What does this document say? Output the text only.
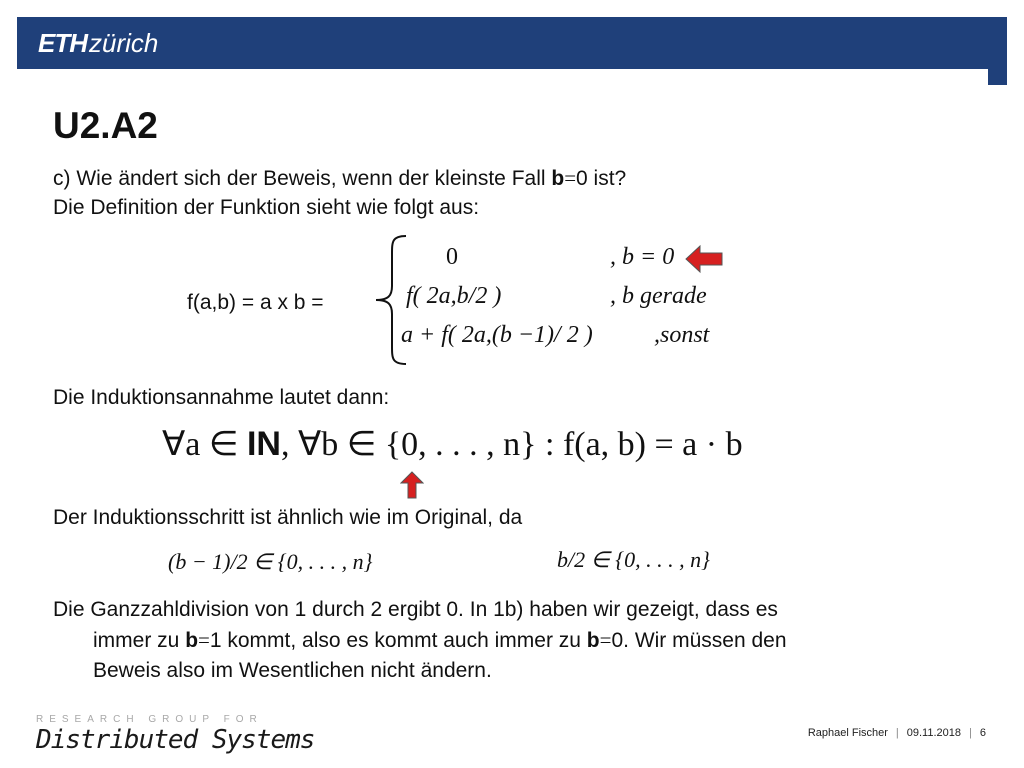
ETHzürich
U2.A2
c) Wie ändert sich der Beweis, wenn der kleinste Fall b=0 ist?
Die Definition der Funktion sieht wie folgt aus:
f(a,b) = a x b =
0	, b = 0
f( 2a,b/2 )	, b gerade
a + f( 2a,(b −1)/ 2 )	,sonst
Die Induktionsannahme lautet dann:
∀a ∈ IN, ∀b ∈ {0, . . . , n} : f(a, b) = a · b
Der Induktionsschritt ist ähnlich wie im Original, da
(b − 1)/2 ∈ {0, . . . , n}	b/2 ∈ {0, . . . , n}
Die Ganzzahldivision von 1 durch 2 ergibt 0. In 1b) haben wir gezeigt, dass es
immer zu b=1 kommt, also es kommt auch immer zu b=0. Wir müssen den
Beweis also im Wesentlichen nicht ändern.
RESEARCH GROUP FOR
Distributed Systems	Raphael Fischer | 09.11.2018 | 6
